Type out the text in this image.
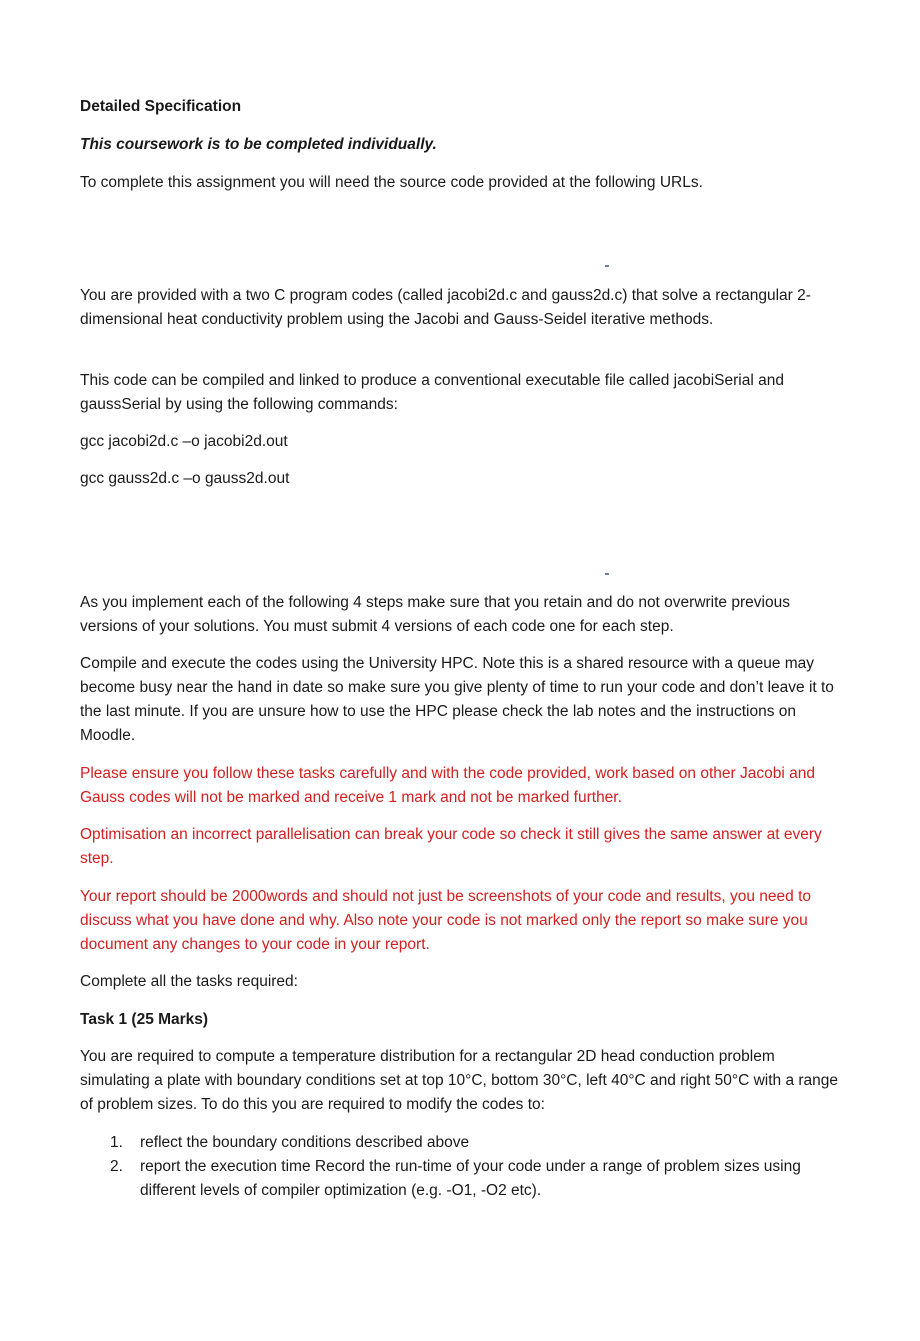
Detailed Specification

This coursework is to be completed individually.

To complete this assignment you will need the source code provided at the following URLs.

You are provided with a two C program codes (called jacobi2d.c and gauss2d.c) that solve a rectangular 2-dimensional heat conductivity problem using the Jacobi and Gauss-Seidel iterative methods.

This code can be compiled and linked to produce a conventional executable file called jacobiSerial and gaussSerial by using the following commands:

gcc jacobi2d.c –o jacobi2d.out

gcc gauss2d.c –o gauss2d.out

As you implement each of the following 4 steps make sure that you retain and do not overwrite previous versions of your solutions. You must submit 4 versions of each code one for each step.

Compile and execute the codes using the University HPC. Note this is a shared resource with a queue may become busy near the hand in date so make sure you give plenty of time to run your code and don’t leave it to the last minute. If you are unsure how to use the HPC please check the lab notes and the instructions on Moodle.

Please ensure you follow these tasks carefully and with the code provided, work based on other Jacobi and Gauss codes will not be marked and receive 1 mark and not be marked further.

Optimisation an incorrect parallelisation can break your code so check it still gives the same answer at every step.

Your report should be 2000words and should not just be screenshots of your code and results, you need to discuss what you have done and why. Also note your code is not marked only the report so make sure you document any changes to your code in your report.

Complete all the tasks required:

Task 1 (25 Marks)

You are required to compute a temperature distribution for a rectangular 2D head conduction problem simulating a plate with boundary conditions set at top 10°C, bottom 30°C, left 40°C and right 50°C with a range of problem sizes. To do this you are required to modify the codes to:

1. reflect the boundary conditions described above
2. report the execution time Record the run-time of your code under a range of problem sizes using different levels of compiler optimization (e.g. -O1, -O2 etc).
